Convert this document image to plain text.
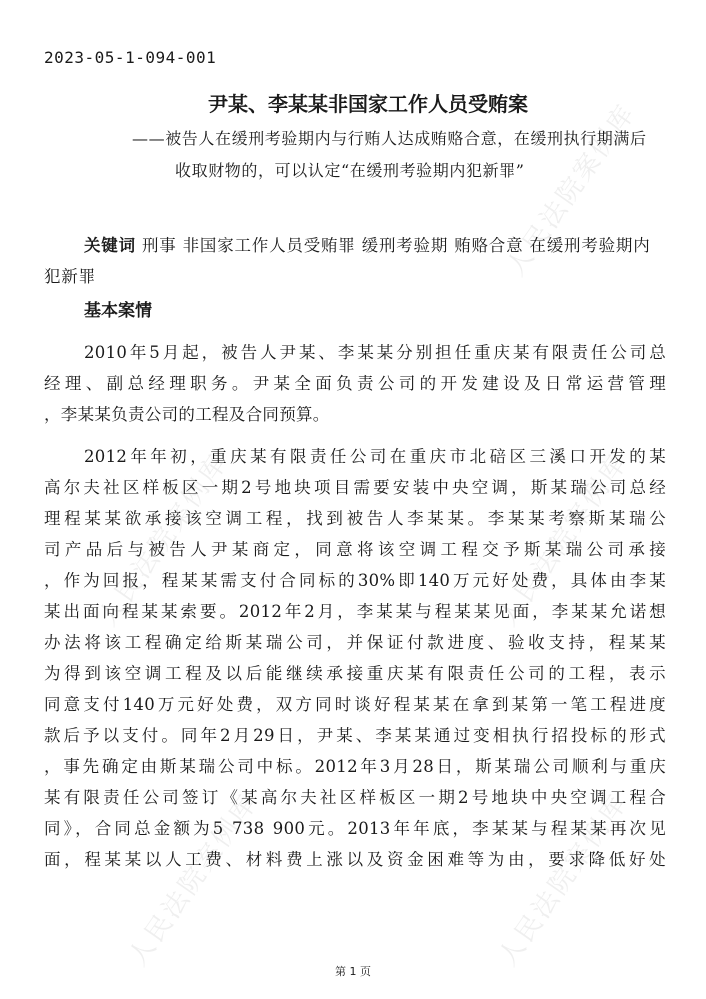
人民法院案例库
人民法院案例库	人民法院案例库
人民法院案例库	人民法院案例库
2023-05-1-094-001
尹某、李某某非国家工作人员受贿案
——被告人在缓刑考验期内与行贿人达成贿赂合意，在缓刑执行期满后
收取财物的，可以认定“在缓刑考验期内犯新罪”
关键词 刑事 非国家工作人员受贿罪 缓刑考验期 贿赂合意 在缓刑考验期内犯新罪
基本案情
2010年5月起，被告人尹某、李某某分别担任重庆某有限责任公司总
经理、副总经理职务。尹某全面负责公司的开发建设及日常运营管理
，李某某负责公司的工程及合同预算。
2012年年初，重庆某有限责任公司在重庆市北碚区三溪口开发的某
高尔夫社区样板区一期2号地块项目需要安装中央空调，斯某瑞公司总经
理程某某欲承接该空调工程，找到被告人李某某。李某某考察斯某瑞公
司产品后与被告人尹某商定，同意将该空调工程交予斯某瑞公司承接
，作为回报，程某某需支付合同标的30%即140万元好处费，具体由李某
某出面向程某某索要。2012年2月，李某某与程某某见面，李某某允诺想
办法将该工程确定给斯某瑞公司，并保证付款进度、验收支持，程某某
为得到该空调工程及以后能继续承接重庆某有限责任公司的工程，表示
同意支付140万元好处费，双方同时谈好程某某在拿到某第一笔工程进度
款后予以支付。同年2月29日，尹某、李某某通过变相执行招投标的形式
，事先确定由斯某瑞公司中标。2012年3月28日，斯某瑞公司顺利与重庆
某有限责任公司签订《某高尔夫社区样板区一期2号地块中央空调工程合
同》，合同总金额为5 738 900元。2013年年底，李某某与程某某再次见
面，程某某以人工费、材料费上涨以及资金困难等为由，要求降低好处
第 1 页
